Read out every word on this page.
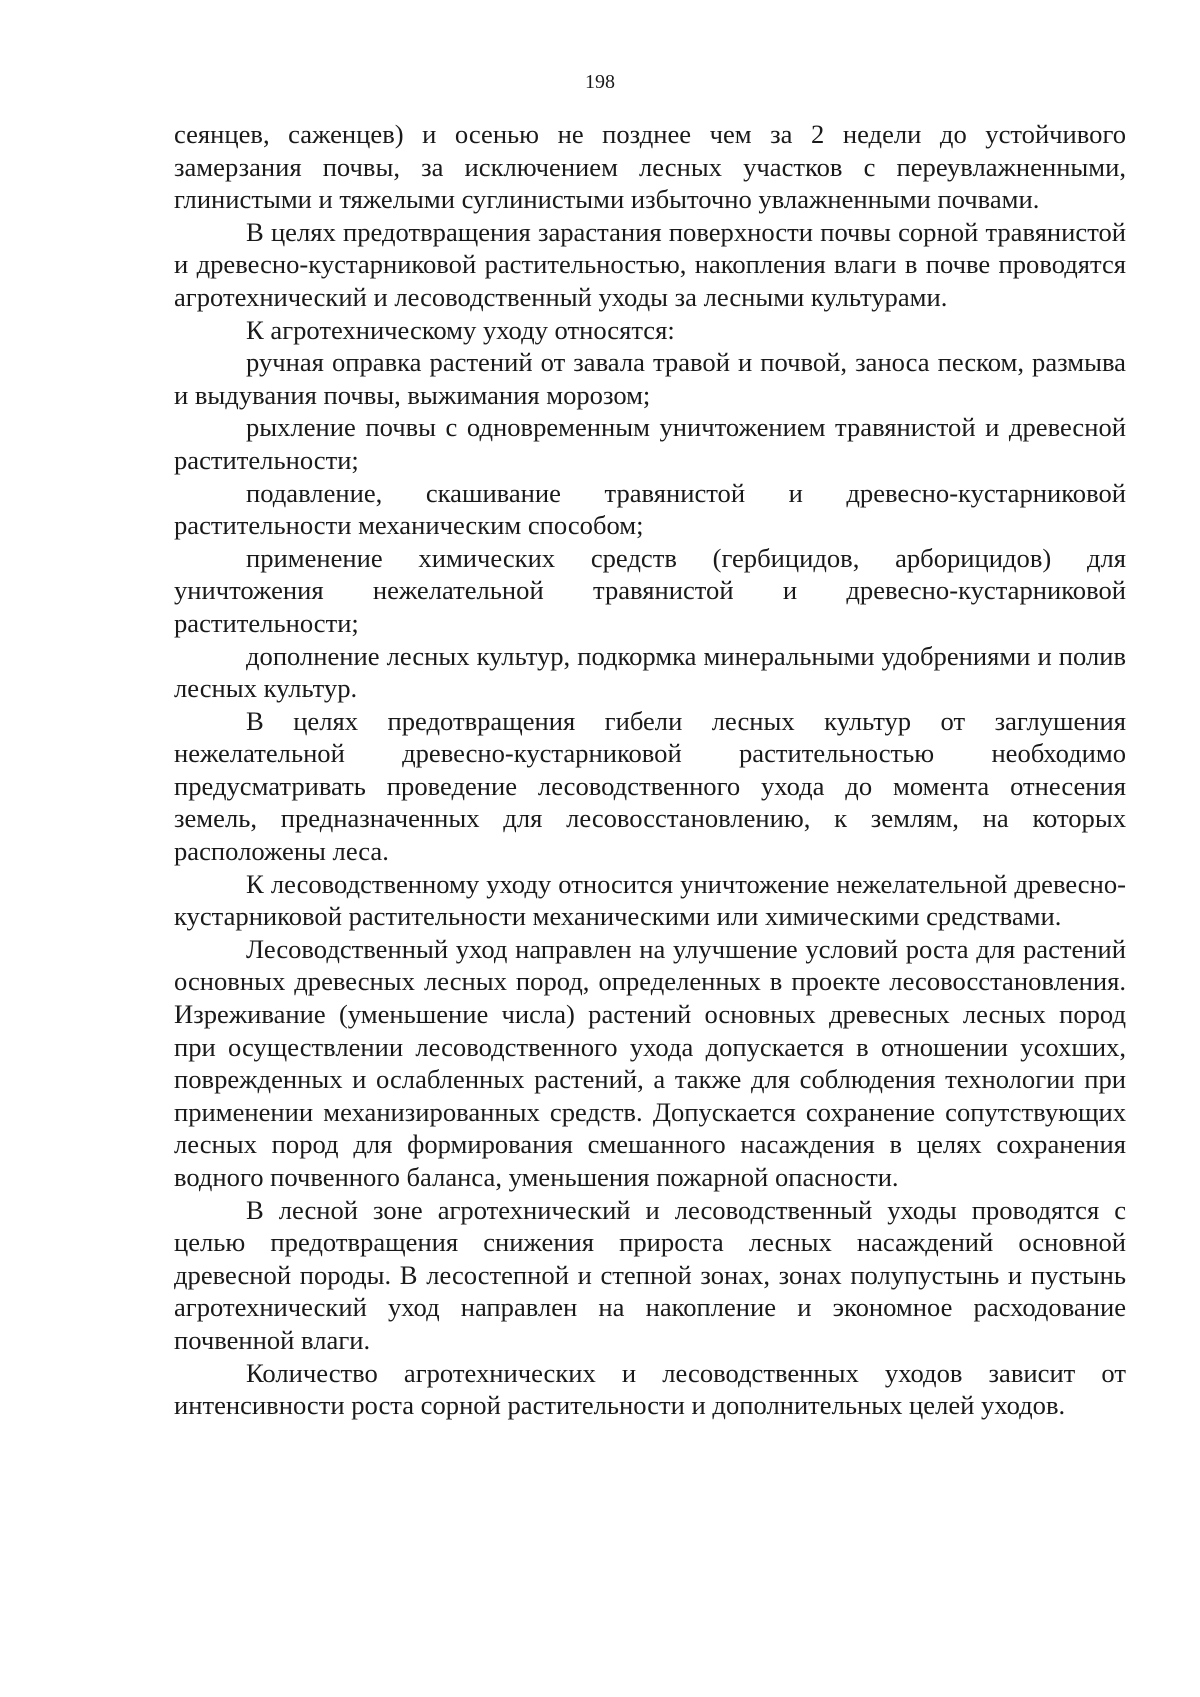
198

сеянцев, саженцев) и осенью не позднее чем за 2 недели до устойчивого замерзания почвы, за исключением лесных участков с переувлажненными, глинистыми и тяжелыми суглинистыми избыточно увлажненными почвами.

В целях предотвращения зарастания поверхности почвы сорной травянистой и древесно-кустарниковой растительностью, накопления влаги в почве проводятся агротехнический и лесоводственный уходы за лесными культурами.

К агротехническому уходу относятся:

ручная оправка растений от завала травой и почвой, заноса песком, размыва и выдувания почвы, выжимания морозом;

рыхление почвы с одновременным уничтожением травянистой и древесной растительности;

подавление, скашивание травянистой и древесно-кустарниковой растительности механическим способом;

применение химических средств (гербицидов, арборицидов) для уничтожения нежелательной травянистой и древесно-кустарниковой растительности;

дополнение лесных культур, подкормка минеральными удобрениями и полив лесных культур.

В целях предотвращения гибели лесных культур от заглушения нежелательной древесно-кустарниковой растительностью необходимо предусматривать проведение лесоводственного ухода до момента отнесения земель, предназначенных для лесовосстановлению, к землям, на которых расположены леса.

К лесоводственному уходу относится уничтожение нежелательной древесно-кустарниковой растительности механическими или химическими средствами.

Лесоводственный уход направлен на улучшение условий роста для растений основных древесных лесных пород, определенных в проекте лесовосстановления. Изреживание (уменьшение числа) растений основных древесных лесных пород при осуществлении лесоводственного ухода допускается в отношении усохших, поврежденных и ослабленных растений, а также для соблюдения технологии при применении механизированных средств. Допускается сохранение сопутствующих лесных пород для формирования смешанного насаждения в целях сохранения водного почвенного баланса, уменьшения пожарной опасности.

В лесной зоне агротехнический и лесоводственный уходы проводятся с целью предотвращения снижения прироста лесных насаждений основной древесной породы. В лесостепной и степной зонах, зонах полупустынь и пустынь агротехнический уход направлен на накопление и экономное расходование почвенной влаги.

Количество агротехнических и лесоводственных уходов зависит от интенсивности роста сорной растительности и дополнительных целей уходов.
